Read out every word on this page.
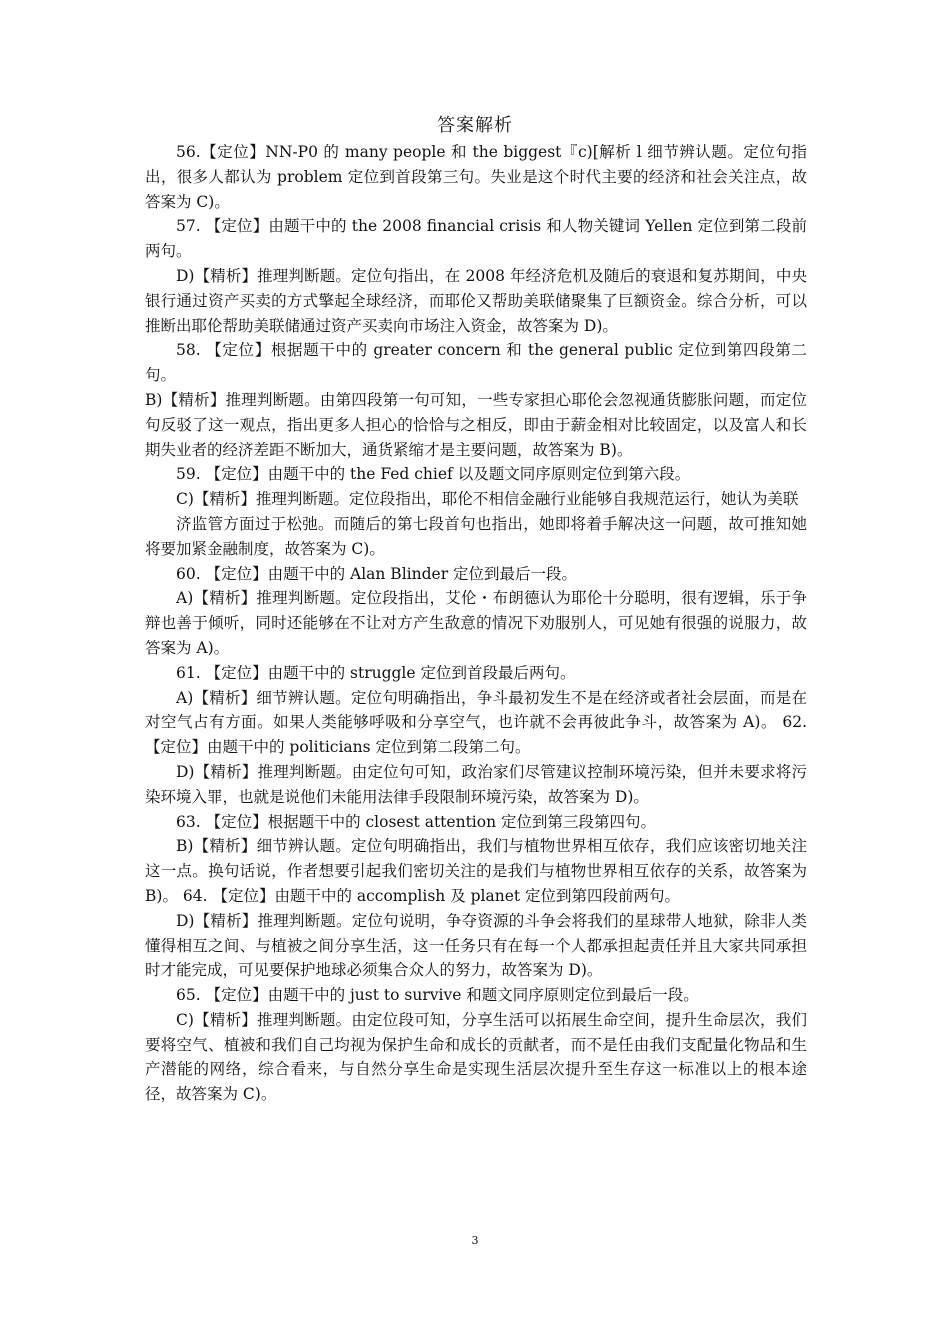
答案解析

56.【定位】NN-P0 的 many people 和 the biggest『c)[解析 l 细节辨认题。定位句指出，很多人都认为 problem 定位到首段第三句。失业是这个时代主要的经济和社会关注点，故答案为 C)。

57. 【定位】由题干中的 the 2008 financial crisis 和人物关键词 Yellen 定位到第二段前两句。

D)【精析】推理判断题。定位句指出，在 2008 年经济危机及随后的衰退和复苏期间，中央银行通过资产买卖的方式擎起全球经济，而耶伦又帮助美联储聚集了巨额资金。综合分析，可以推断出耶伦帮助美联储通过资产买卖向市场注入资金，故答案为 D)。

58. 【定位】根据题干中的 greater concern 和 the general public 定位到第四段第二句。

B)【精析】推理判断题。由第四段第一句可知，一些专家担心耶伦会忽视通货膨胀问题，而定位句反驳了这一观点，指出更多人担心的恰恰与之相反，即由于薪金相对比较固定，以及富人和长期失业者的经济差距不断加大，通货紧缩才是主要问题，故答案为 B)。

59. 【定位】由题干中的 the Fed chief 以及题文同序原则定位到第六段。

C)【精析】推理判断题。定位段指出，耶伦不相信金融行业能够自我规范运行，她认为美联

济监管方面过于松弛。而随后的第七段首句也指出，她即将着手解决这一问题，故可推知她将要加紧金融制度，故答案为 C)。

60. 【定位】由题干中的 Alan Blinder 定位到最后一段。

A)【精析】推理判断题。定位段指出，艾伦・布朗德认为耶伦十分聪明，很有逻辑，乐于争辩也善于倾听，同时还能够在不让对方产生敌意的情况下劝服别人，可见她有很强的说服力，故答案为 A)。

61. 【定位】由题干中的 struggle 定位到首段最后两句。

A)【精析】细节辨认题。定位句明确指出，争斗最初发生不是在经济或者社会层面，而是在对空气占有方面。如果人类能够呼吸和分享空气，也许就不会再彼此争斗，故答案为 A)。 62. 【定位】由题干中的 politicians 定位到第二段第二句。

D)【精析】推理判断题。由定位句可知，政治家们尽管建议控制环境污染，但并未要求将污染环境入罪，也就是说他们未能用法律手段限制环境污染，故答案为 D)。

63. 【定位】根据题干中的 closest attention 定位到第三段第四句。

B)【精析】细节辨认题。定位句明确指出，我们与植物世界相互依存，我们应该密切地关注这一点。换句话说，作者想要引起我们密切关注的是我们与植物世界相互依存的关系，故答案为 B)。 64. 【定位】由题干中的 accomplish 及 planet 定位到第四段前两句。

D)【精析】推理判断题。定位句说明，争夺资源的斗争会将我们的星球带人地狱，除非人类懂得相互之间、与植被之间分享生活，这一任务只有在每一个人都承担起责任并且大家共同承担时才能完成，可见要保护地球必须集合众人的努力，故答案为 D)。

65. 【定位】由题干中的 just to survive 和题文同序原则定位到最后一段。

C)【精析】推理判断题。由定位段可知，分享生活可以拓展生命空间，提升生命层次，我们要将空气、植被和我们自己均视为保护生命和成长的贡献者，而不是任由我们支配量化物品和生产潜能的网络，综合看来，与自然分享生命是实现生活层次提升至生存这一标准以上的根本途径，故答案为 C)。

3
